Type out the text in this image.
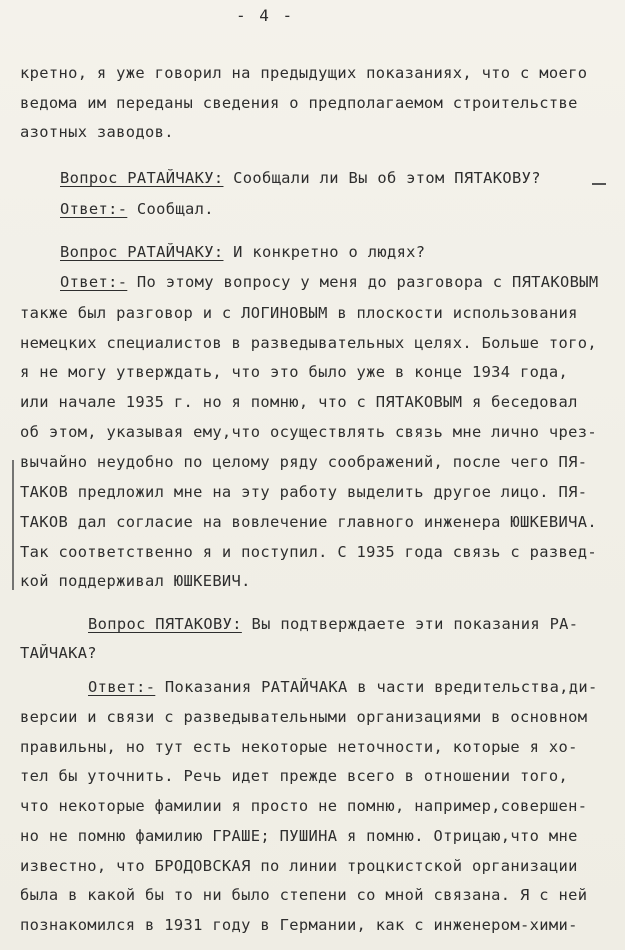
- 4 -
кретно, я уже говорил на предыдущих показаниях, что с моего
ведома им переданы сведения о предполагаемом строительстве
азотных заводов.
Вопрос РАТАЙЧАКУ: Сообщали ли Вы об этом ПЯТАКОВУ?
Ответ:- Сообщал.
Вопрос РАТАЙЧАКУ: И конкретно о людях?
Ответ:- По этому вопросу у меня до разговора с ПЯТАКОВЫМ
также был разговор и с ЛОГИНОВЫМ в плоскости использования
немецких специалистов в разведывательных целях. Больше того,
я не могу утверждать, что это было уже в конце 1934 года,
или начале 1935 г. но я помню, что с ПЯТАКОВЫМ я беседовал
об этом, указывая ему,что осуществлять связь мне лично чрез-
вычайно неудобно по целому ряду соображений, после чего ПЯ-
ТАКОВ предложил мне на эту работу выделить другое лицо. ПЯ-
ТАКОВ дал согласие на вовлечение главного инженера ЮШКЕВИЧА.
Так соответственно я и поступил. С 1935 года связь с развед-
кой поддерживал ЮШКЕВИЧ.
Вопрос ПЯТАКОВУ: Вы подтверждаете эти показания РА-
ТАЙЧАКА?
Ответ:- Показания РАТАЙЧАКА в части вредительства,ди-
версии и связи с разведывательными организациями в основном
правильны, но тут есть некоторые неточности, которые я хо-
тел бы уточнить. Речь идет прежде всего в отношении того,
что некоторые фамилии я просто не помню, например,совершен-
но не помню фамилию ГРАШЕ; ПУШИНА я помню. Отрицаю,что мне
известно, что БРОДОВСКАЯ по линии троцкистской организации
была в какой бы то ни было степени со мной связана. Я с ней
познакомился в 1931 году в Германии, как с инженером-хими-
